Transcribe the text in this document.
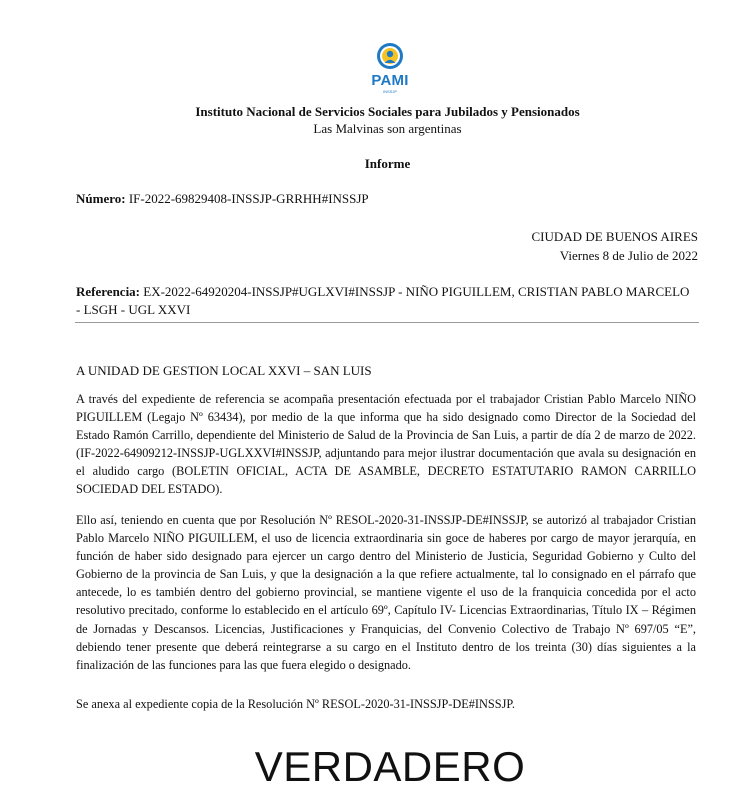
PAMI
INSSJP
Instituto Nacional de Servicios Sociales para Jubilados y Pensionados
Las Malvinas son argentinas
Informe
Número: IF-2022-69829408-INSSJP-GRRHH#INSSJP
CIUDAD DE BUENOS AIRES
Viernes 8 de Julio de 2022
Referencia: EX-2022-64920204-INSSJP#UGLXVI#INSSJP - NIÑO PIGUILLEM, CRISTIAN PABLO MARCELO - LSGH - UGL XXVI
A UNIDAD DE GESTION LOCAL XXVI – SAN LUIS
A través del expediente de referencia se acompaña presentación efectuada por el trabajador Cristian Pablo Marcelo NIÑO PIGUILLEM (Legajo Nº 63434), por medio de la que informa que ha sido designado como Director de la Sociedad del Estado Ramón Carrillo, dependiente del Ministerio de Salud de la Provincia de San Luis, a partir de día 2 de marzo de 2022. (IF-2022-64909212-INSSJP-UGLXXVI#INSSJP, adjuntando para mejor ilustrar documentación que avala su designación en el aludido cargo (BOLETIN OFICIAL, ACTA DE ASAMBLE, DECRETO ESTATUTARIO RAMON CARRILLO SOCIEDAD DEL ESTADO).
Ello así, teniendo en cuenta que por Resolución Nº RESOL-2020-31-INSSJP-DE#INSSJP, se autorizó al trabajador Cristian Pablo Marcelo NIÑO PIGUILLEM, el uso de licencia extraordinaria sin goce de haberes por cargo de mayor jerarquía, en función de haber sido designado para ejercer un cargo dentro del Ministerio de Justicia, Seguridad Gobierno y Culto del Gobierno de la provincia de San Luis, y que la designación a la que refiere actualmente, tal lo consignado en el párrafo que antecede, lo es también dentro del gobierno provincial, se mantiene vigente el uso de la franquicia concedida por el acto resolutivo precitado, conforme lo establecido en el artículo 69º, Capítulo IV- Licencias Extraordinarias, Título IX – Régimen de Jornadas y Descansos. Licencias, Justificaciones y Franquicias, del Convenio Colectivo de Trabajo Nº 697/05 “E”, debiendo tener presente que deberá reintegrarse a su cargo en el Instituto dentro de los treinta (30) días siguientes a la finalización de las funciones para las que fuera elegido o designado.
Se anexa al expediente copia de la Resolución Nº RESOL-2020-31-INSSJP-DE#INSSJP.
VERDADERO
